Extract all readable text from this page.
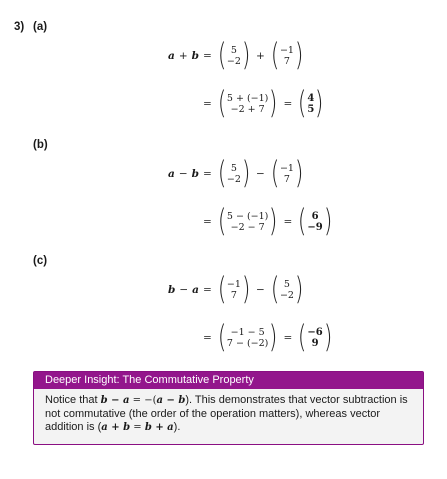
3) (a)
a + b = ( 5
−2 ) + ( −1
7 )
= ( 5 + (−1)
−2 + 7 ) = ( 4
5 )
(b)
a − b = ( 5
−2 ) − ( −1
7 )
= ( 5 − (−1)
−2 − 7 ) = ( 6
−9 )
(c)
b − a = ( −1
7 ) − ( 5
−2 )
= ( −1 − 5
7 − (−2) ) = ( −6
9 )
Deeper Insight: The Commutative Property
Notice that b − a = −(a − b). This demonstrates that vector subtraction is not commutative (the order of the operation matters), whereas vector addition is (a + b = b + a).
